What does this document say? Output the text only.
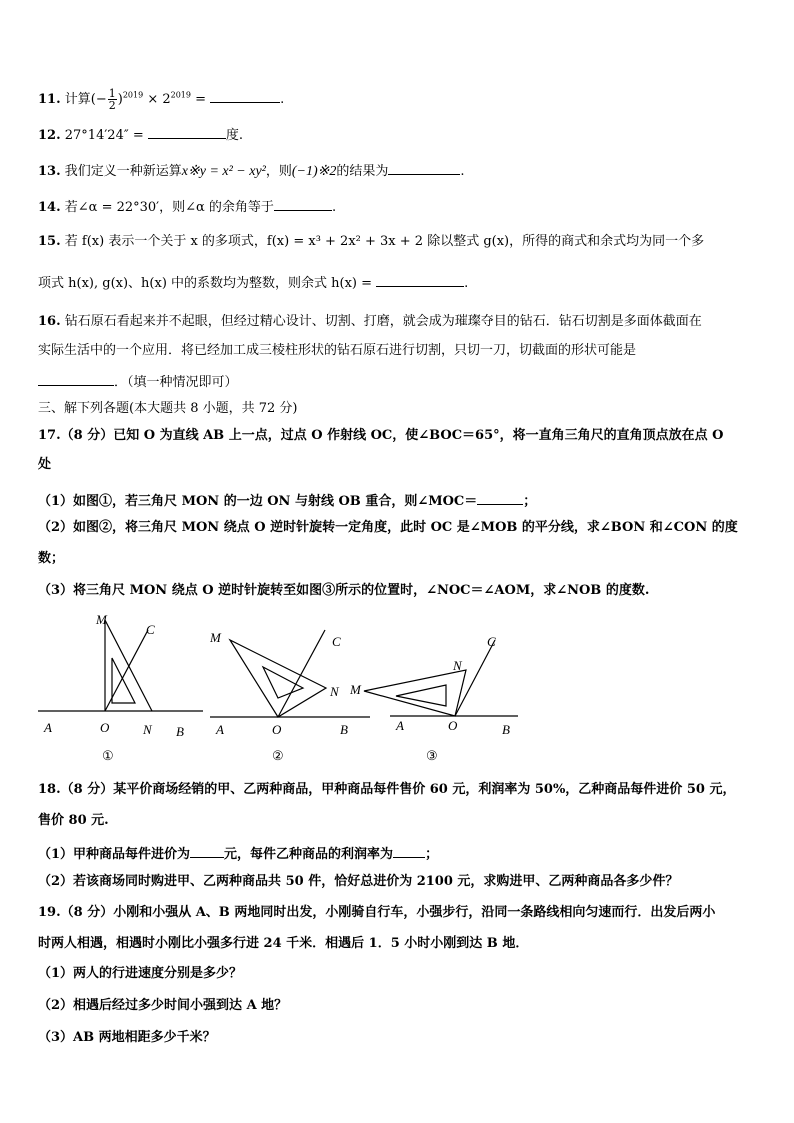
11. 计算(− $\frac{1}{2} )^{2019} \times 2^{2019}$ =	.
12. 27°14′24″ =	度.
13. 我们定义一种新运算x※y = x² − xy²，则(−1)※2的结果为	.
14. 若∠α = 22°30′，则∠α 的余角等于	.
15. 若 f(x) 表示一个关于 x 的多项式，f(x) = x³ + 2x² + 3x + 2 除以整式 g(x)，所得的商式和余式均为同一个多
项式 h(x), g(x)、h(x) 中的系数均为整数，则余式 h(x) =	.
16. 钻石原石看起来并不起眼，但经过精心设计、切割、打磨，就会成为璀璨夺目的钻石．钻石切割是多面体截面在
实际生活中的一个应用．将已经加工成三棱柱形状的钻石原石进行切割，只切一刀，切截面的形状可能是
．（填一种情况即可）
三、解下列各题(本大题共 8 小题，共 72 分)
17.（8 分）已知 O 为直线 AB 上一点，过点 O 作射线 OC，使∠BOC＝65°，将一直角三角尺的直角顶点放在点 O
处
（1）如图①，若三角尺 MON 的一边 ON 与射线 OB 重合，则∠MOC＝	；
（2）如图②，将三角尺 MON 绕点 O 逆时针旋转一定角度，此时 OC 是∠MOB 的平分线，求∠BON 和∠CON 的度
数；
（3）将三角尺 MON 绕点 O 逆时针旋转至如图③所示的位置时，∠NOC＝∠AOM，求∠NOB 的度数.
M
C
A	O	N B
①
M	C
N
A	O	B
②
C
N
M
A	O	B
③
18.（8 分）某平价商场经销的甲、乙两种商品，甲种商品每件售价 60 元，利润率为 50%，乙种商品每件进价 50 元，
售价 80 元.
（1）甲种商品每件进价为	元，每件乙种商品的利润率为 ；
（2）若该商场同时购进甲、乙两种商品共 50 件，恰好总进价为 2100 元，求购进甲、乙两种商品各多少件？
19.（8 分）小刚和小强从 A、B 两地同时出发，小刚骑自行车，小强步行，沿同一条路线相向匀速而行．出发后两小
时两人相遇，相遇时小刚比小强多行进 24 千米．相遇后 1．5 小时小刚到达 B 地．
（1）两人的行进速度分别是多少？
（2）相遇后经过多少时间小强到达 A 地？
（3）AB 两地相距多少千米？
